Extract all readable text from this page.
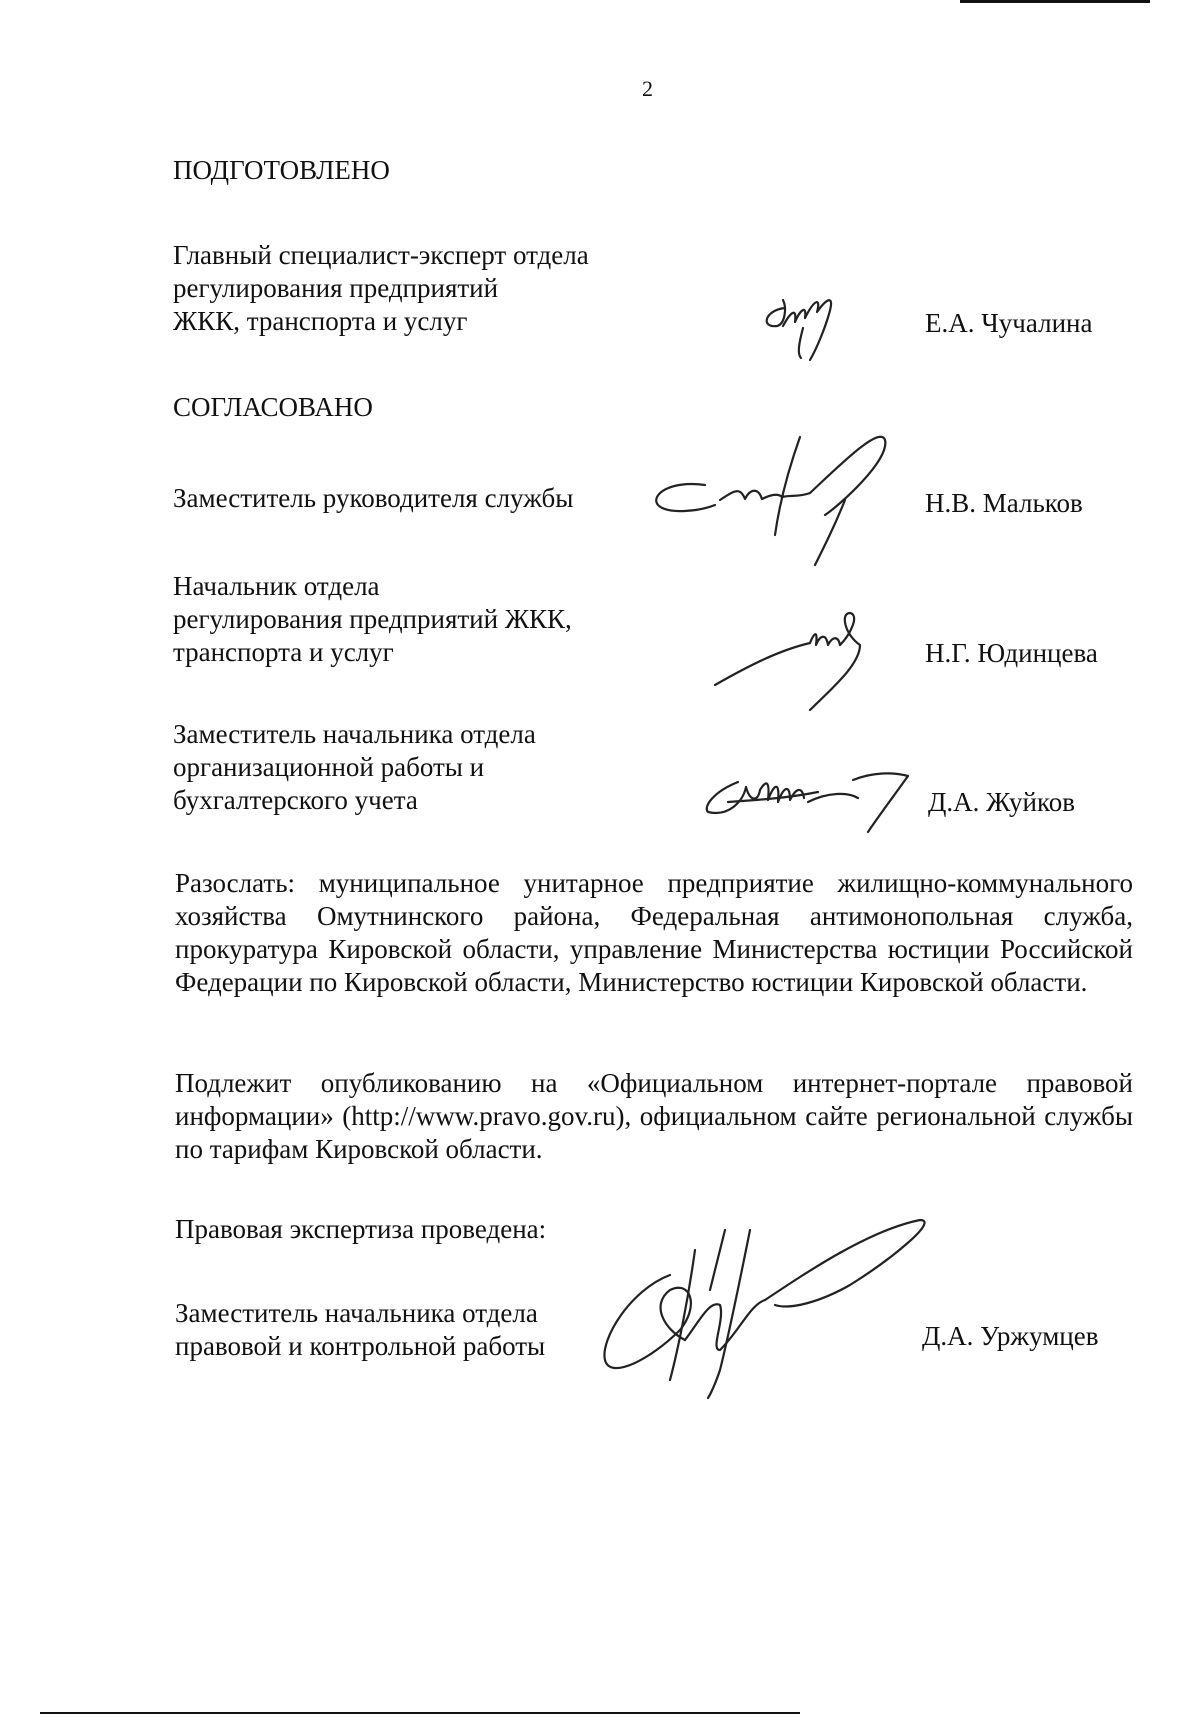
2
ПОДГОТОВЛЕНО
Главный специалист-эксперт отдела
регулирования предприятий
ЖКК, транспорта и услуг	Е.А. Чучалина
СОГЛАСОВАНО
Заместитель руководителя службы	Н.В. Мальков
Начальник отдела
регулирования предприятий ЖКК,
транспорта и услуг	Н.Г. Юдинцева
Заместитель начальника отдела
организационной работы и
бухгалтерского учета	Д.А. Жуйков
Разослать: муниципальное унитарное предприятие жилищно-коммунального хозяйства Омутнинского района, Федеральная антимонопольная служба, прокуратура Кировской области, управление Министерства юстиции Российской Федерации по Кировской области, Министерство юстиции Кировской области.
Подлежит опубликованию на «Официальном интернет-портале правовой информации» (http://www.pravo.gov.ru), официальном сайте региональной службы по тарифам Кировской области.
Правовая экспертиза проведена:
Заместитель начальника отдела
правовой и контрольной работы	Д.А. Уржумцев
